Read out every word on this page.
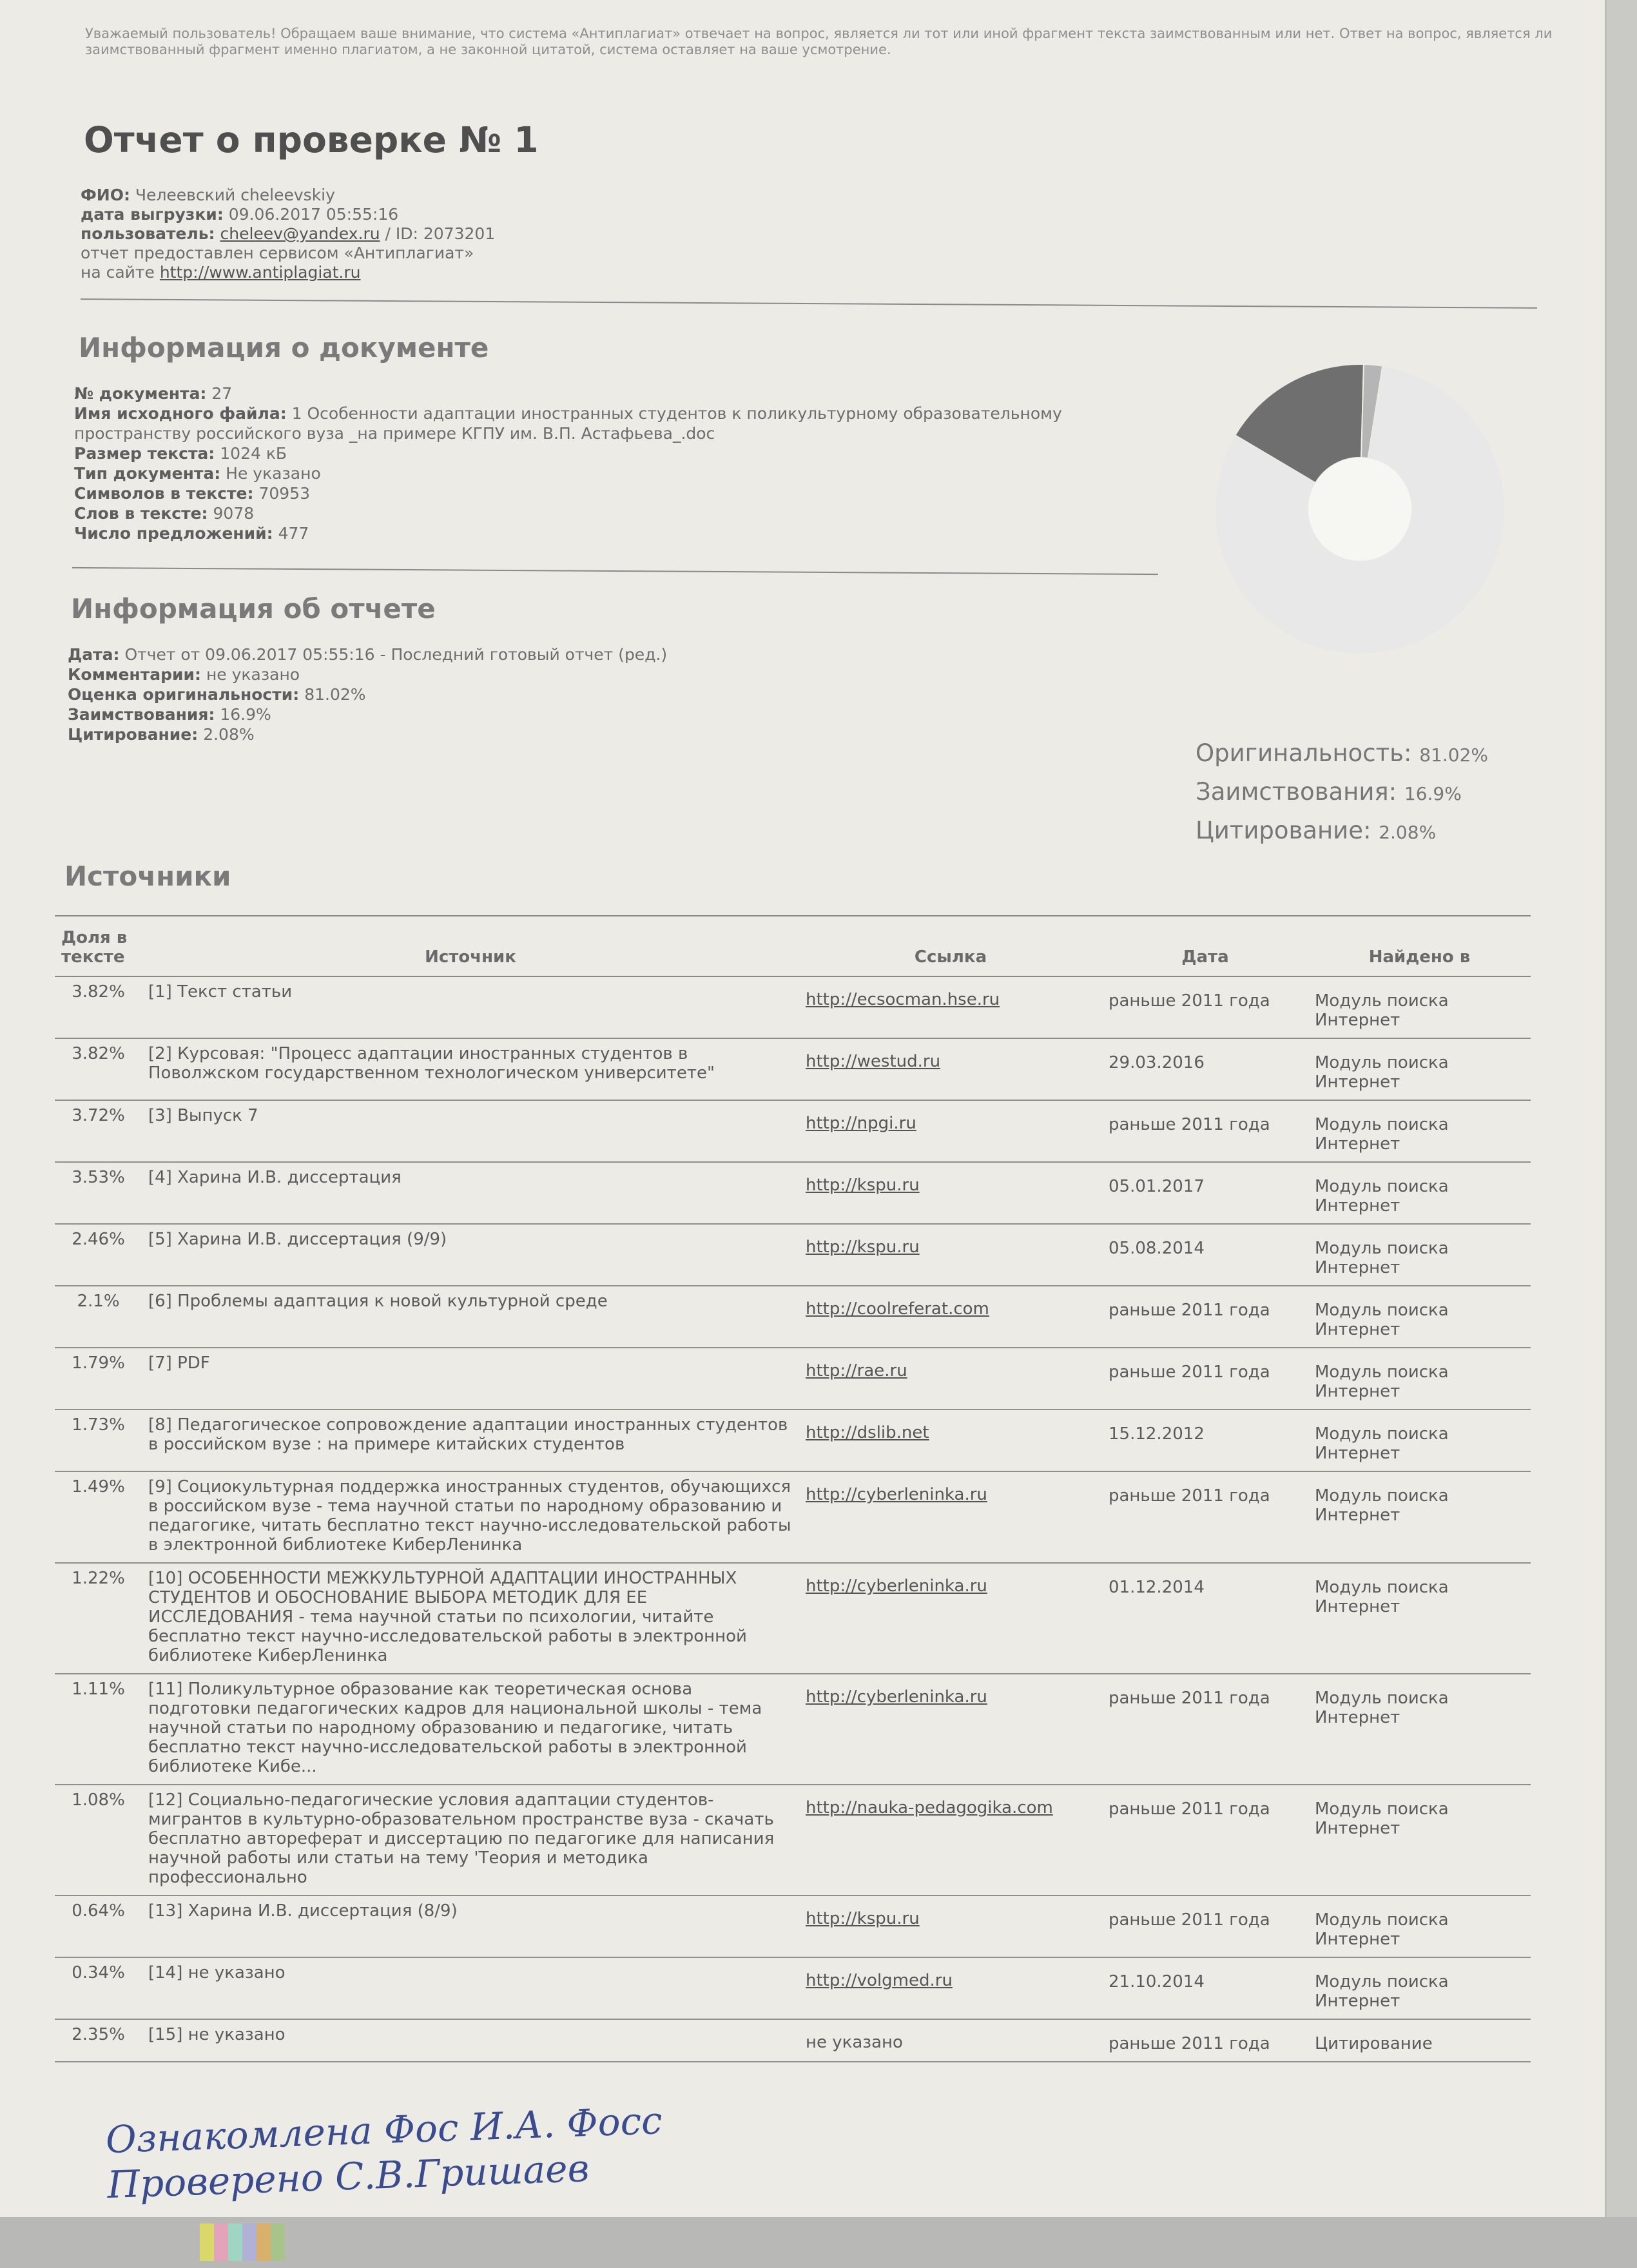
Уважаемый пользователь! Обращаем ваше внимание, что система «Антиплагиат» отвечает на вопрос, является ли тот или иной фрагмент текста заимствованным или нет. Ответ на вопрос, является ли заимствованный фрагмент именно плагиатом, а не законной цитатой, система оставляет на ваше усмотрение.
Отчет о проверке № 1
ФИО: Челеевский cheleevskiy
дата выгрузки: 09.06.2017 05:55:16
пользователь: cheleev@yandex.ru / ID: 2073201
отчет предоставлен сервисом «Антиплагиат»
на сайте http://www.antiplagiat.ru
Информация о документе
№ документа: 27
Имя исходного файла: 1 Особенности адаптации иностранных студентов к поликультурному образовательному пространству российского вуза _на примере КГПУ им. В.П. Астафьева_.doc
Размер текста: 1024 кБ
Тип документа: Не указано
Символов в тексте: 70953
Слов в тексте: 9078
Число предложений: 477
Информация об отчете
Дата: Отчет от 09.06.2017 05:55:16 - Последний готовый отчет (ред.)
Комментарии: не указано
Оценка оригинальности: 81.02%
Заимствования: 16.9%
Цитирование: 2.08%
Оригинальность: 81.02%
Заимствования: 16.9%
Цитирование: 2.08%
Источники
Доля в тексте	Источник	Ссылка	Дата	Найдено в
3.82%	[1] Текст статьи	http://ecsocman.hse.ru	раньше 2011 года	Модуль поиска Интернет
3.82%	[2] Курсовая: "Процесс адаптации иностранных студентов в Поволжском государственном технологическом университете"	http://westud.ru	29.03.2016	Модуль поиска Интернет
3.72%	[3] Выпуск 7	http://npgi.ru	раньше 2011 года	Модуль поиска Интернет
3.53%	[4] Харина И.В. диссертация	http://kspu.ru	05.01.2017	Модуль поиска Интернет
2.46%	[5] Харина И.В. диссертация (9/9)	http://kspu.ru	05.08.2014	Модуль поиска Интернет
2.1%	[6] Проблемы адаптация к новой культурной среде	http://coolreferat.com	раньше 2011 года	Модуль поиска Интернет
1.79%	[7] PDF	http://rae.ru	раньше 2011 года	Модуль поиска Интернет
1.73%	[8] Педагогическое сопровождение адаптации иностранных студентов в российском вузе : на примере китайских студентов	http://dslib.net	15.12.2012	Модуль поиска Интернет
1.49%	[9] Социокультурная поддержка иностранных студентов, обучающихся в российском вузе - тема научной статьи по народному образованию и педагогике, читать бесплатно текст научно-исследовательской работы в электронной библиотеке КиберЛенинка	http://cyberleninka.ru	раньше 2011 года	Модуль поиска Интернет
1.22%	[10] ОСОБЕННОСТИ МЕЖКУЛЬТУРНОЙ АДАПТАЦИИ ИНОСТРАННЫХ СТУДЕНТОВ И ОБОСНОВАНИЕ ВЫБОРА МЕТОДИК ДЛЯ ЕЕ ИССЛЕДОВАНИЯ - тема научной статьи по психологии, читайте бесплатно текст научно-исследовательской работы в электронной библиотеке КиберЛенинка	http://cyberleninka.ru	01.12.2014	Модуль поиска Интернет
1.11%	[11] Поликультурное образование как теоретическая основа подготовки педагогических кадров для национальной школы - тема научной статьи по народному образованию и педагогике, читать бесплатно текст научно-исследовательской работы в электронной библиотеке Кибе...	http://cyberleninka.ru	раньше 2011 года	Модуль поиска Интернет
1.08%	[12] Социально-педагогические условия адаптации студентов-мигрантов в культурно-образовательном пространстве вуза - скачать бесплатно автореферат и диссертацию по педагогике для написания научной работы или статьи на тему 'Теория и методика профессионально	http://nauka-pedagogika.com	раньше 2011 года	Модуль поиска Интернет
0.64%	[13] Харина И.В. диссертация (8/9)	http://kspu.ru	раньше 2011 года	Модуль поиска Интернет
0.34%	[14] не указано	http://volgmed.ru	21.10.2014	Модуль поиска Интернет
2.35%	[15] не указано	не указано	раньше 2011 года	Цитирование
Ознакомлена Фос И.А. Фосс
Проверено С.В.Гришаев
